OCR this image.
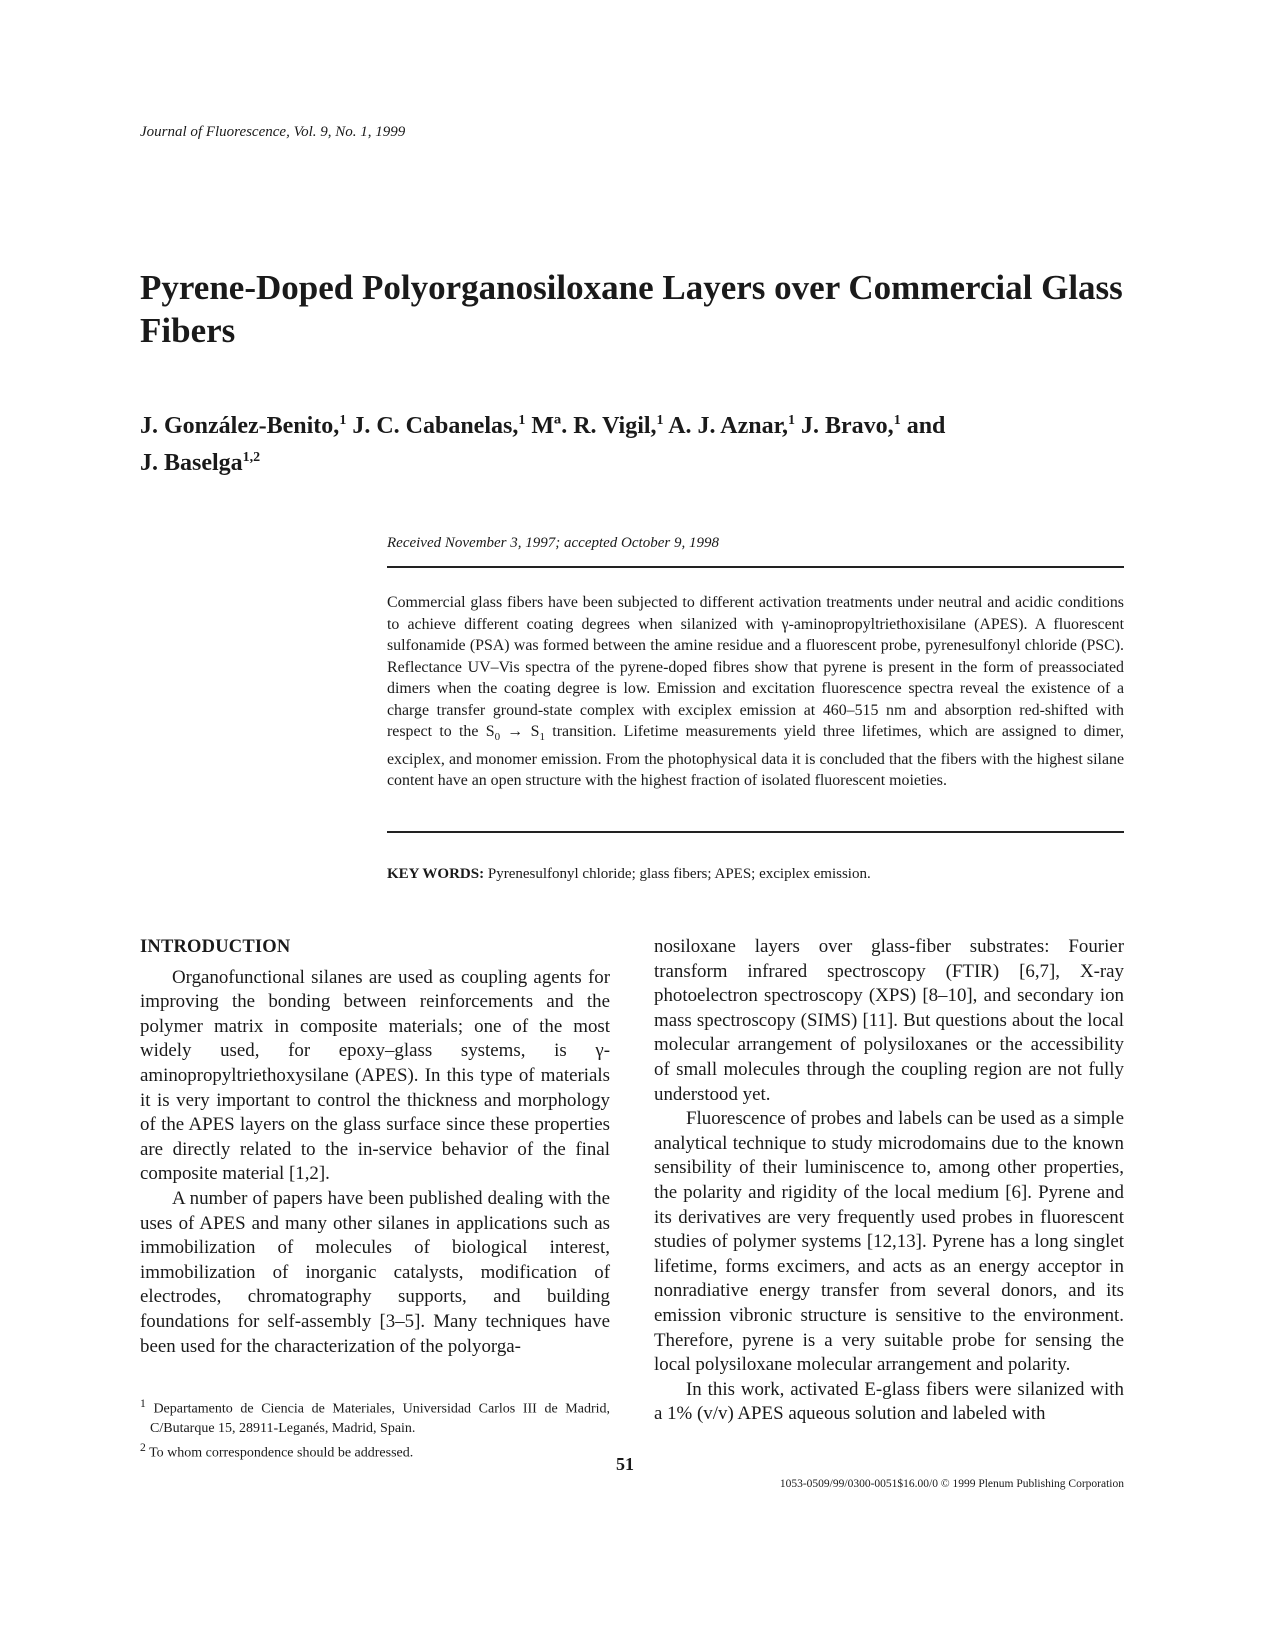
Journal of Fluorescence, Vol. 9, No. 1, 1999
Pyrene-Doped Polyorganosiloxane Layers over Commercial Glass Fibers
J. González-Benito,$^1$ J. C. Cabanelas,$^1$ Mª. R. Vigil,$^1$ A. J. Aznar,$^1$ J. Bravo,$^1$ and
J. Baselga$^{1,2}$
Received November 3, 1997; accepted October 9, 1998

Commercial glass fibers have been subjected to different activation treatments under neutral and acidic conditions to achieve different coating degrees when silanized with γ-aminopropyltriethoxisilane (APES). A fluorescent sulfonamide (PSA) was formed between the amine residue and a fluorescent probe, pyrenesulfonyl chloride (PSC). Reflectance UV–Vis spectra of the pyrene-doped fibres show that pyrene is present in the form of preassociated dimers when the coating degree is low. Emission and excitation fluorescence spectra reveal the existence of a charge transfer ground-state complex with exciplex emission at 460–515 nm and absorption red-shifted with respect to the $S_0 \to S_1$ transition. Lifetime measurements yield three lifetimes, which are assigned to dimer, exciplex, and monomer emission. From the photophysical data it is concluded that the fibers with the highest silane content have an open structure with the highest fraction of isolated fluorescent moieties.

KEY WORDS: Pyrenesulfonyl chloride; glass fibers; APES; exciplex emission.
INTRODUCTION

Organofunctional silanes are used as coupling agents for improving the bonding between reinforcements and the polymer matrix in composite materials; one of the most widely used, for epoxy–glass systems, is γ-aminopropyltriethoxysilane (APES). In this type of materials it is very important to control the thickness and morphology of the APES layers on the glass surface since these properties are directly related to the in-service behavior of the final composite material [1,2].

A number of papers have been published dealing with the uses of APES and many other silanes in applications such as immobilization of molecules of biological interest, immobilization of inorganic catalysts, modification of electrodes, chromatography supports, and building foundations for self-assembly [3–5]. Many techniques have been used for the characterization of the polyorga-

nosiloxane layers over glass-fiber substrates: Fourier transform infrared spectroscopy (FTIR) [6,7], X-ray photoelectron spectroscopy (XPS) [8–10], and secondary ion mass spectroscopy (SIMS) [11]. But questions about the local molecular arrangement of polysiloxanes or the accessibility of small molecules through the coupling region are not fully understood yet.

Fluorescence of probes and labels can be used as a simple analytical technique to study microdomains due to the known sensibility of their luminiscence to, among other properties, the polarity and rigidity of the local medium [6]. Pyrene and its derivatives are very frequently used probes in fluorescent studies of polymer systems [12,13]. Pyrene has a long singlet lifetime, forms excimers, and acts as an energy acceptor in nonradiative energy transfer from several donors, and its emission vibronic structure is sensitive to the environment. Therefore, pyrene is a very suitable probe for sensing the local polysiloxane molecular arrangement and polarity.

In this work, activated E-glass fibers were silanized with a 1% (v/v) APES aqueous solution and labeled with

$^1$ Departamento de Ciencia de Materiales, Universidad Carlos III de Madrid, C/Butarque 15, 28911-Leganés, Madrid, Spain.

$^2$ To whom correspondence should be addressed.

51
1053-0509/99/0300-0051$16.00/0 © 1999 Plenum Publishing Corporation
